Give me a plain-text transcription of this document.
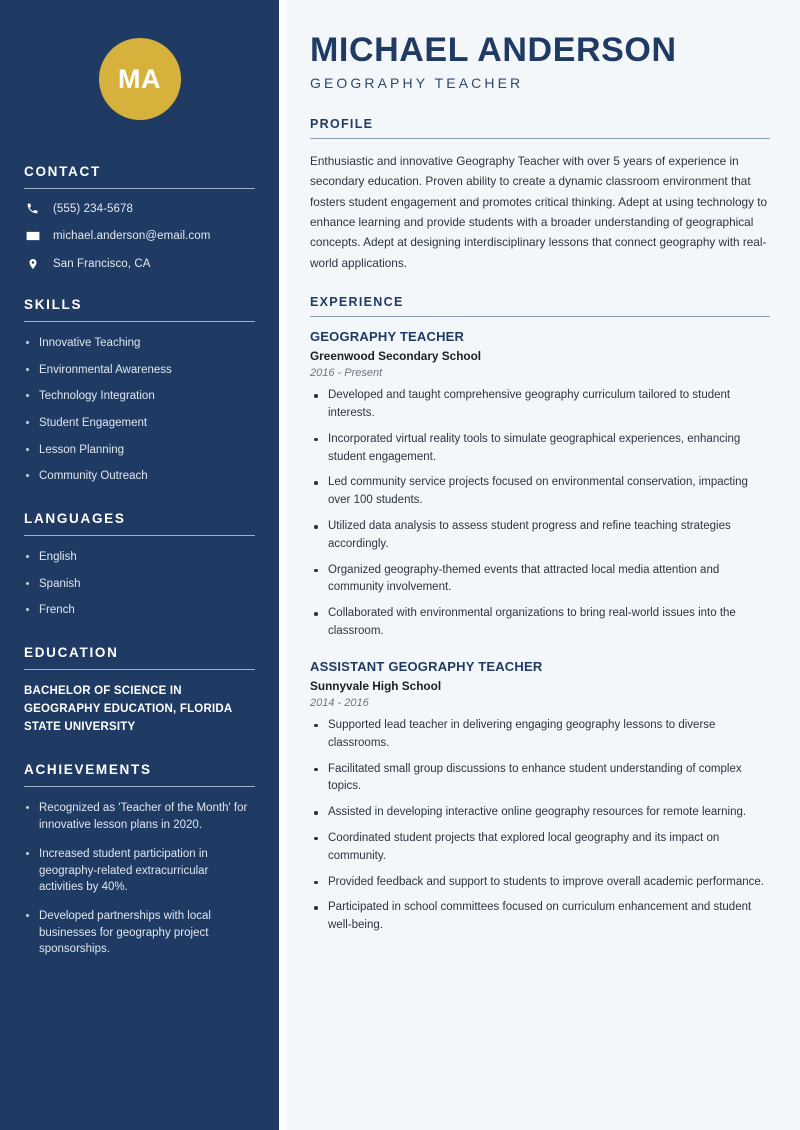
MA
CONTACT
(555) 234-5678
michael.anderson@email.com
San Francisco, CA
SKILLS
Innovative Teaching
Environmental Awareness
Technology Integration
Student Engagement
Lesson Planning
Community Outreach
LANGUAGES
English
Spanish
French
EDUCATION
BACHELOR OF SCIENCE IN GEOGRAPHY EDUCATION, FLORIDA STATE UNIVERSITY
ACHIEVEMENTS
Recognized as 'Teacher of the Month' for innovative lesson plans in 2020.
Increased student participation in geography-related extracurricular activities by 40%.
Developed partnerships with local businesses for geography project sponsorships.
MICHAEL ANDERSON
GEOGRAPHY TEACHER
PROFILE

Enthusiastic and innovative Geography Teacher with over 5 years of experience in secondary education. Proven ability to create a dynamic classroom environment that fosters student engagement and promotes critical thinking. Adept at using technology to enhance learning and provide students with a broader understanding of geographical concepts. Adept at designing interdisciplinary lessons that connect geography with real-world applications.

EXPERIENCE
GEOGRAPHY TEACHER
Greenwood Secondary School
2016 - Present
Developed and taught comprehensive geography curriculum tailored to student interests.
Incorporated virtual reality tools to simulate geographical experiences, enhancing student engagement.
Led community service projects focused on environmental conservation, impacting over 100 students.
Utilized data analysis to assess student progress and refine teaching strategies accordingly.
Organized geography-themed events that attracted local media attention and community involvement.
Collaborated with environmental organizations to bring real-world issues into the classroom.
ASSISTANT GEOGRAPHY TEACHER
Sunnyvale High School
2014 - 2016
Supported lead teacher in delivering engaging geography lessons to diverse classrooms.
Facilitated small group discussions to enhance student understanding of complex topics.
Assisted in developing interactive online geography resources for remote learning.
Coordinated student projects that explored local geography and its impact on community.
Provided feedback and support to students to improve overall academic performance.
Participated in school committees focused on curriculum enhancement and student well-being.
